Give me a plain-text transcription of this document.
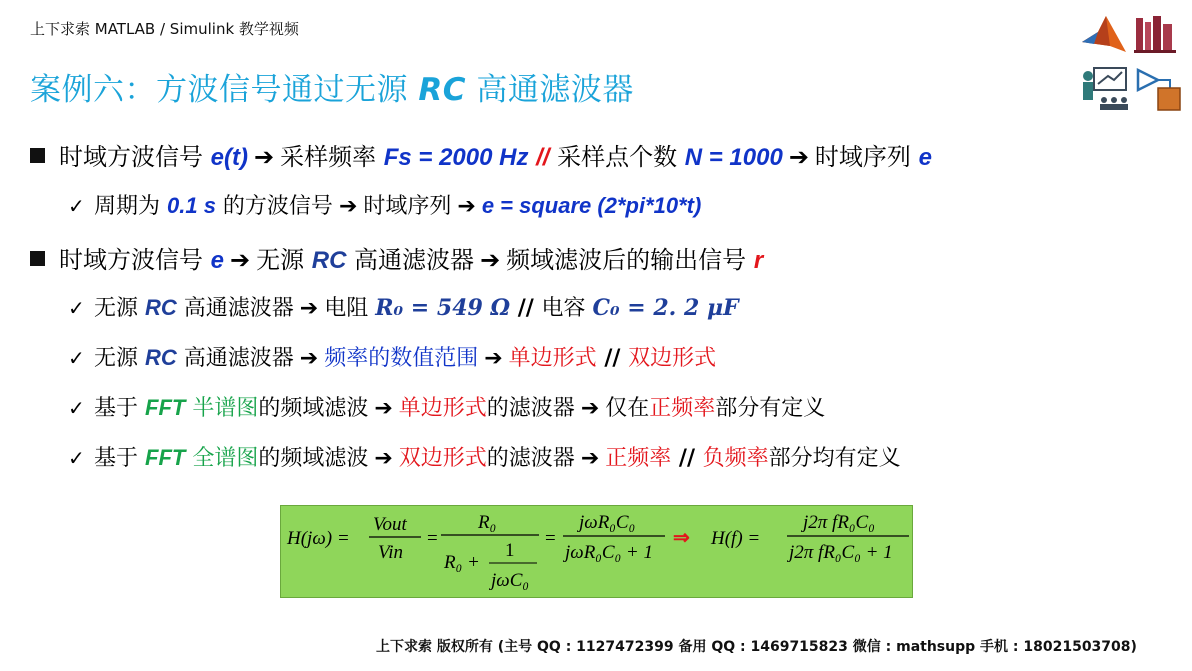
上下求索 MATLAB / Simulink 教学视频
案例六：方波信号通过无源 RC 高通滤波器
时域方波信号 e(t) ➔ 采样频率 Fs = 2000 Hz // 采样点个数 N = 1000 ➔ 时域序列 e
✓ 周期为 0.1 s 的方波信号 ➔ 时域序列 ➔ e = square (2*pi*10*t)
时域方波信号 e ➔ 无源 RC 高通滤波器 ➔ 频域滤波后的输出信号 r
✓ 无源 RC 高通滤波器 ➔ 电阻 R₀ = 549 Ω // 电容 C₀ = 2. 2 μF
✓ 无源 RC 高通滤波器 ➔ 频率的数值范围 ➔ 单边形式 // 双边形式
✓ 基于 FFT 半谱图的频域滤波 ➔ 单边形式的滤波器 ➔ 仅在正频率部分有定义
✓ 基于 FFT 全谱图的频域滤波 ➔ 双边形式的滤波器 ➔ 正频率 // 负频率部分均有定义
H(jω) =
Vout
Vin
=
R₀
R₀ +
1
jωC₀
=
jωR₀C₀
jωR₀C₀ + 1
⇒ H(f) =
j2π fR₀C₀
j2π fR₀C₀ + 1
上下求索 版权所有 (主号 QQ : 1127472399 备用 QQ : 1469715823 微信 : mathsupp 手机 : 18021503708)
